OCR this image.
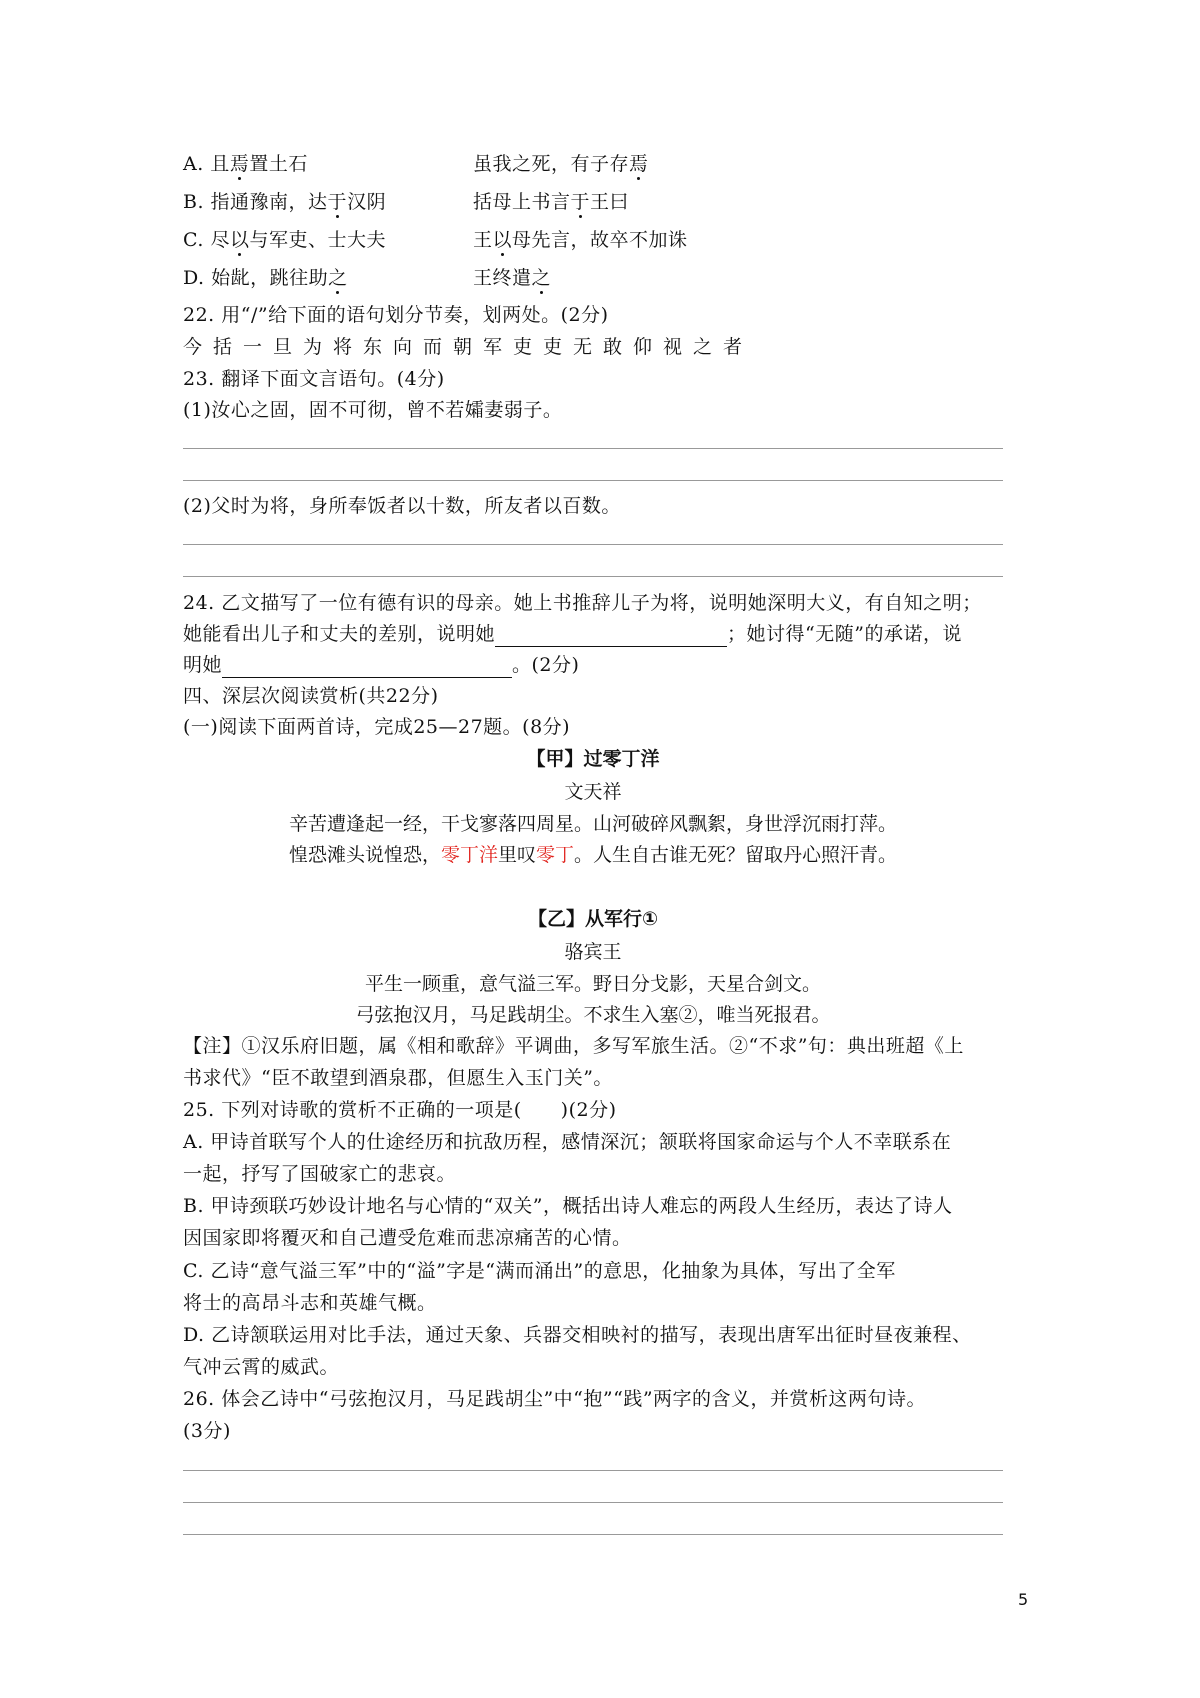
A. 且焉置土石	虽我之死，有子存焉
B. 指通豫南，达于汉阴	括母上书言于王曰
C. 尽以与军吏、士大夫	王以母先言，故卒不加诛
D. 始龀，跳往助之	王终遣之
22. 用“/”给下面的语句划分节奏，划两处。(2分)
今括一旦为将东向而朝军吏吏无敢仰视之者
23. 翻译下面文言语句。(4分)
(1)汝心之固，固不可彻，曾不若孀妻弱子。
(2)父时为将，身所奉饭者以十数，所友者以百数。
24. 乙文描写了一位有德有识的母亲。她上书推辞儿子为将，说明她深明大义，有自知之明；
她能看出儿子和丈夫的差别，说明她	；她讨得“无随”的承诺，说
明她	。(2分)
四、深层次阅读赏析(共22分)
(一)阅读下面两首诗，完成25—27题。(8分)
【甲】过零丁洋
文天祥
辛苦遭逢起一经，干戈寥落四周星。山河破碎风飘絮，身世浮沉雨打萍。
惶恐滩头说惶恐，零丁洋里叹零丁。人生自古谁无死？留取丹心照汗青。
【乙】从军行①
骆宾王
平生一顾重，意气溢三军。野日分戈影，天星合剑文。
弓弦抱汉月，马足践胡尘。不求生入塞②，唯当死报君。
【注】①汉乐府旧题，属《相和歌辞》平调曲，多写军旅生活。②“不求”句：典出班超《上
书求代》“臣不敢望到酒泉郡，但愿生入玉门关”。
25. 下列对诗歌的赏析不正确的一项是(　　)(2分)
A. 甲诗首联写个人的仕途经历和抗敌历程，感情深沉；颔联将国家命运与个人不幸联系在
一起，抒写了国破家亡的悲哀。
B. 甲诗颈联巧妙设计地名与心情的“双关”，概括出诗人难忘的两段人生经历，表达了诗人
因国家即将覆灭和自己遭受危难而悲凉痛苦的心情。
C. 乙诗“意气溢三军”中的“溢”字是“满而涌出”的意思，化抽象为具体，写出了全军
将士的高昂斗志和英雄气概。
D. 乙诗颔联运用对比手法，通过天象、兵器交相映衬的描写，表现出唐军出征时昼夜兼程、
气冲云霄的威武。
26. 体会乙诗中“弓弦抱汉月，马足践胡尘”中“抱”“践”两字的含义，并赏析这两句诗。
(3分)
5
